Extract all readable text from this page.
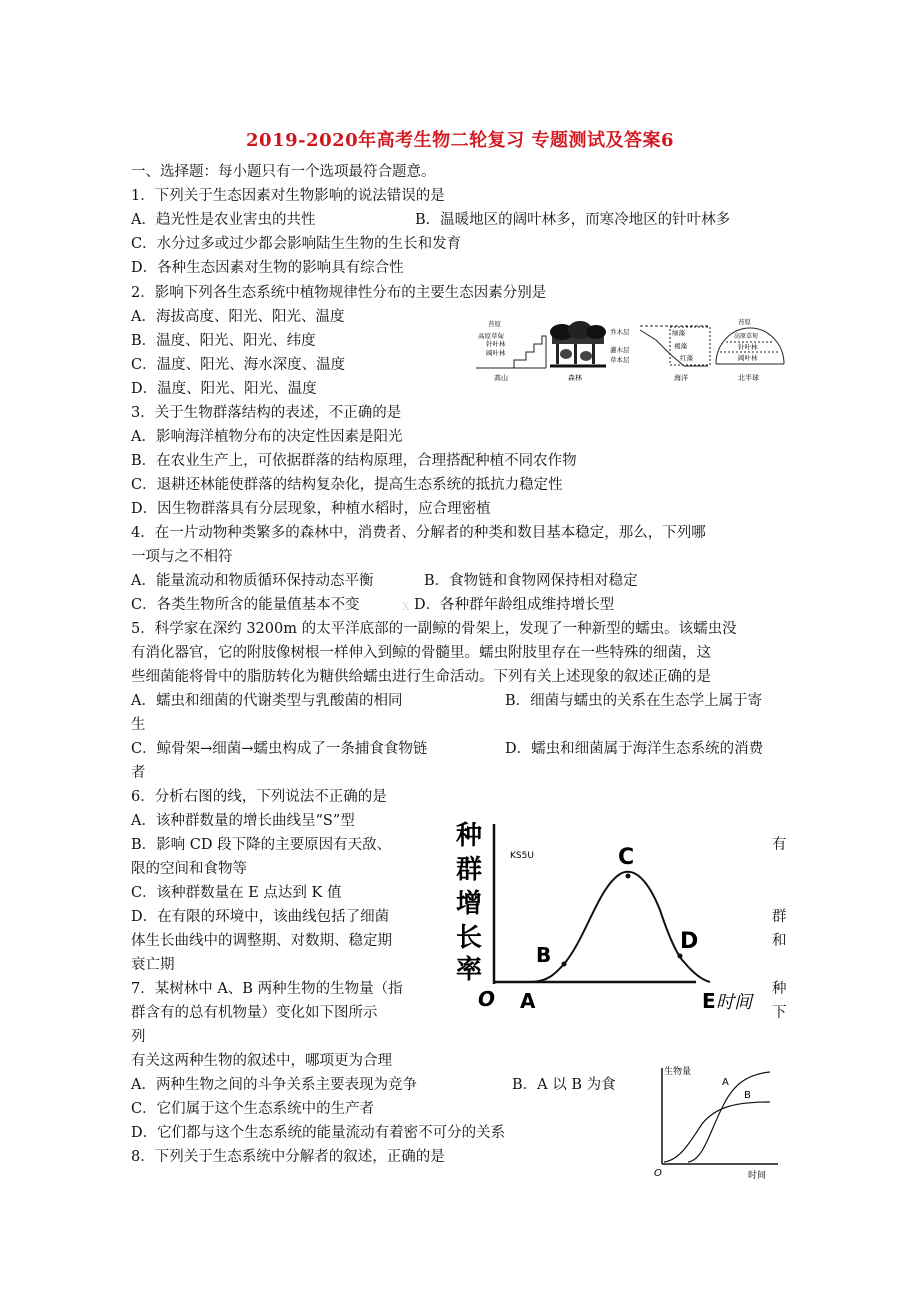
2019-2020年高考生物二轮复习 专题测试及答案6
一、选择题：每小题只有一个选项最符合题意。
1．下列关于生态因素对生物影响的说法错误的是
A．趋光性是农业害虫的共性	B．温暖地区的阔叶林多，而寒冷地区的针叶林多
C．水分过多或过少都会影响陆生生物的生长和发育
D．各种生态因素对生物的影响具有综合性
2．影响下列各生态系统中植物规律性分布的主要生态因素分别是
A．海拔高度、阳光、阳光、温度
B．温度、阳光、阳光、纬度
C．温度、阳光、海水深度、温度
D．温度、阳光、阳光、温度
3．关于生物群落结构的表述，不正确的是
A．影响海洋植物分布的决定性因素是阳光
B．在农业生产上，可依据群落的结构原理，合理搭配种植不同农作物
C．退耕还林能使群落的结构复杂化，提高生态系统的抵抗力稳定性
D．因生物群落具有分层现象，种植水稻时，应合理密植
4．在一片动物种类繁多的森林中，消费者、分解者的种类和数目基本稳定，那么，下列哪
一项与之不相符
A．能量流动和物质循环保持动态平衡	B．食物链和食物网保持相对稳定
C．各类生物所含的能量值基本不变	D．各种群年龄组成维持增长型
x
5．科学家在深约 3200m 的太平洋底部的一副鲸的骨架上，发现了一种新型的蠕虫。该蠕虫没
有消化器官，它的附肢像树根一样伸入到鲸的骨髓里。蠕虫附肢里存在一些特殊的细菌，这
些细菌能将骨中的脂肪转化为糖供给蠕虫进行生命活动。下列有关上述现象的叙述正确的是
A．蠕虫和细菌的代谢类型与乳酸菌的相同	B．细菌与蠕虫的关系在生态学上属于寄
生
C．鲸骨架→细菌→蠕虫构成了一条捕食食物链	D．蠕虫和细菌属于海洋生态系统的消费
者
6．分析右图的线，下列说法不正确的是
A．该种群数量的增长曲线呈“S”型
B．影响 CD 段下降的主要原因有天敌、	有
限的空间和食物等
C．该种群数量在 E 点达到 K 值
D．在有限的环境中，该曲线包括了细菌	群
体生长曲线中的调整期、对数期、稳定期	和
衰亡期
7．某树林中 A、B 两种生物的生物量（指	种
群含有的总有机物量）变化如下图所示	下
列
有关这两种生物的叙述中，哪项更为合理
A．两种生物之间的斗争关系主要表现为竞争	B．A 以 B 为食
C．它们属于这个生态系统中的生产者
D．它们都与这个生态系统的能量流动有着密不可分的关系
8．下列关于生态系统中分解者的叙述，正确的是
苔原
高原草甸
针叶林
阔叶林
高山
乔木层
灌木层
草本层
森林
绿藻
褐藻
红藻
海洋
苔原
高原草甸
针叶林
阔叶林
北半球
种
群
增
长
率
KS5U
O A
B
C
D
E 时间
生物量
O	时间
A
B
